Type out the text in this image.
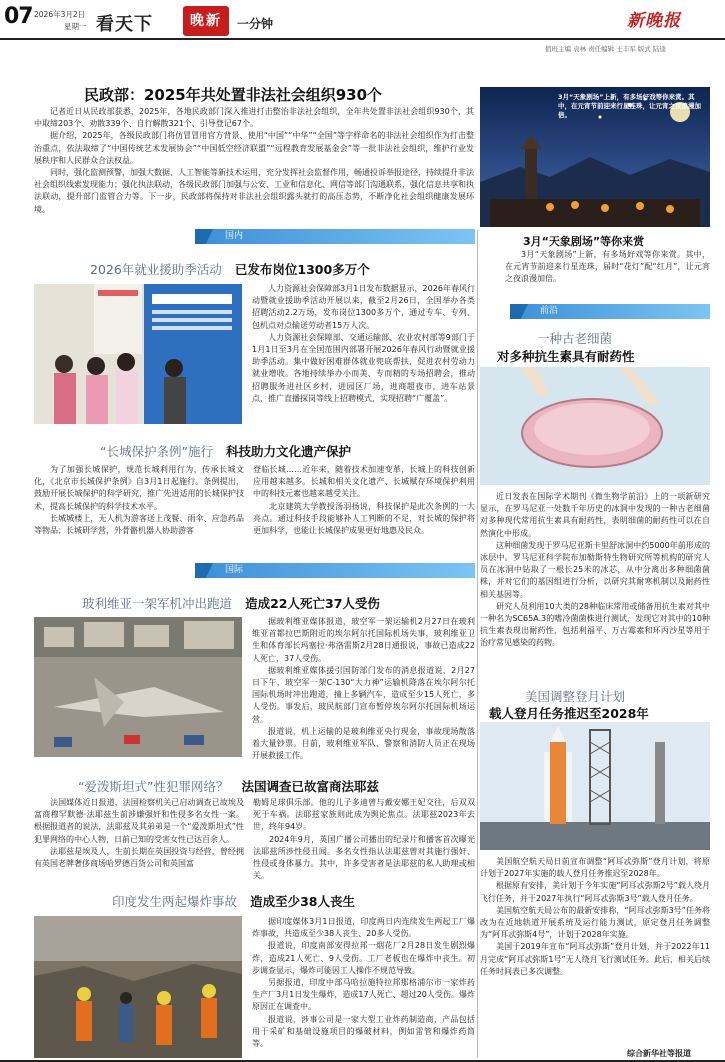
07 2026年3月2日
星期一 看天下	晚新	一分钟	新晚报
值班主编 袁林 责任编辑 王丰军 版式 陆逵
民政部：2025年共处置非法社会组织930个

记者近日从民政部获悉，2025年，各地民政部门深入推进打击整治非法社会组织，全年共处置非法社会组织930个，其中取缔203个、劝散339个、自行解散321个、引导登记67个。

据介绍，2025年，各级民政部门将仿冒冒用官方背景、使用“中国”“中华”“全国”等字样命名的非法社会组织作为打击整治重点，依法取缔了“中国传统艺术发展协会”“中国低空经济联盟”“远程教育发展基金会”等一批非法社会组织，维护行业发展秩序和人民群众合法权益。

同时，强化监测预警，加强大数据、人工智能等新技术运用，充分发挥社会监督作用，畅通投诉举报途径，持续提升非法社会组织线索发现能力；强化执法联动，各级民政部门加强与公安、工业和信息化、网信等部门沟通联系，强化信息共享和执法联动，提升部门监管合力等。下一步，民政部将保持对非法社会组织露头就打的高压态势，不断净化社会组织健康发展环境。

3月“天象剧场”上新，有多场好戏等你来赏。其中，在元宵节前迎来行星连珠，让元宵之夜浪漫加倍。
3月“天象剧场”等你来赏

3月“天象剧场”上新，有多场好戏等你来赏。其中，在元宵节前迎来行星连珠，届时“花灯”配“红月”，让元宵之夜浪漫加倍。

国内
2026年就业援助季活动 已发布岗位1300多万个

人力资源社会保障部3月1日发布数据显示，2026年春风行动暨就业援助季活动开展以来，截至2月26日，全国举办各类招聘活动2.2万场，发布岗位1300多万个，通过专车、专列、包机点对点输送劳动者15万人次。

人力资源社会保障部、交通运输部、农业农村部等9部门于1月1日至3月在全国范围内部署开展2026年春风行动暨就业援助季活动。集中做好困难群体就业兜底帮扶，促进农村劳动力就业增收。各地持续举办小而美、专而精的专场招聘会，推动招聘服务进社区乡村，进园区厂场，进商超夜市，进车站景点，推广直播探岗等线上招聘模式，实现招聘“广覆盖”。

“长城保护条例”施行 科技助力文化遗产保护

为了加强长城保护，规范长城利用行为，传承长城文化，《北京市长城保护条例》自3月1日起施行。条例提出，鼓励开展长城保护的科学研究，推广先进适用的长城保护技术，提高长城保护的科学技术水平。

长城城楼上，无人机为游客送上茂餐、雨伞、应急药品等物品；长城研学营，外骨骼机器人协助游客

登临长城……近年来，随着技术加速变革，长城上的科技创新应用越来越多。长城和相关文化遗产、长城赋存环境保护利用中的科技元素也越来越受关注。

北京建筑大学教授汤羽扬说，科技保护是此次条例的一大亮点。通过科技手段能够补人工判断的不足，对长城的保护将更加科学，也能让长城保护成果更好地惠及民众。

国际
玻利维亚一架军机冲出跑道 造成22人死亡37人受伤

据玻利维亚媒体报道，玻空军一架运输机2月27日在玻利维亚首都拉巴斯附近的埃尔阿尔托国际机场失事，玻利维亚卫生和体育部长玛塞拉·弗洛雷斯2月28日通报说，事故已造成22人死亡，37人受伤。

据玻利维亚媒体援引国防部门发布的消息报道说，2月27日下午，玻空军一架C-130“大力神”运输机降落在埃尔阿尔托国际机场时冲出跑道，撞上多辆汽车，造成至少15人死亡，多人受伤。事发后，玻民航部门宣布暂停埃尔阿尔托国际机场运营。

报道说，机上运输的是玻利维亚央行现金，事故现场散落着大量钞票。目前，玻利维亚军队、警察和消防人员正在现场开展救援工作。

“爱泼斯坦式”性犯罪网络？ 法国调查已故富商法耶兹

法国媒体近日报道，法国检察机关已启动调查已故埃及富商穆罕默德·法耶兹生前涉嫌强奸和性侵多名女性一案。根据报道者的说法，法耶兹及其弟弟是一个“爱泼斯坦式”性犯罪网络的中心人物，日前已知的受害女性已达百余人。

法耶兹是埃及人，生前长期在英国投资与经营，曾经拥有英国老牌奢侈商场哈罗德百货公司和英国富

勒姆足球俱乐部。他的儿子多迪曾与戴安娜王妃交往，后双双死于车祸。法耶兹家族则此成为舆论焦点。法耶兹2023年去世，终年94岁。

2024年9月，英国广播公司播出的纪录片和播客首次曝光法耶兹所涉性侵丑闻。多名女性指认法耶兹曾对其施行强奸、性侵或身体暴力。其中，许多受害者是法耶兹的私人助理或相关。

印度发生两起爆炸事故 造成至少38人丧生

据印度媒体3月1日报道，印度两日内连续发生两起工厂爆炸事故，共造成至少38人丧生、20多人受伤。

报道说，印度南部安得拉邦一烟花厂2月28日发生剧烈爆炸，造成21人死亡、9人受伤。工厂老板也在爆炸中丧生。初步调查显示，爆炸可能因工人操作不规范导致。

另据报道，印度中部马哈拉施特拉邦那格浦尔市一家炸药生产厂3月1日发生爆炸，造成17人死亡、超过20人受伤。爆炸原因正在调查中。

报道说，涉事公司是一家大型工业炸药制造商，产品包括用于采矿和基础设施项目的爆破材料，例如雷管和爆炸药筒等。

前沿
一种古老细菌
对多种抗生素具有耐药性

近日发表在国际学术期刊《微生物学前沿》上的一项新研究显示，在罗马尼亚一处数千年历史的冰洞中发现的一种古老细菌对多种现代常用抗生素具有耐药性，表明细菌的耐药性可以在自然演化中形成。

这种细菌发现于罗马尼亚斯卡里舒冰洞中约5000年前形成的冰层中。罗马尼亚科学院布加勒斯特生物研究所等机构的研究人员在冰洞中钻取了一根长25米的冰芯，从中分离出多种细菌菌株，并对它们的基因组进行分析，以研究其耐寒机制以及耐药性相关基因等。

研究人员利用10大类的28种临床常用或储备用抗生素对其中一种名为SC65A.3的嗜冷菌菌株进行测试，发现它对其中的10种抗生素表现出耐药性，包括利福平、万古霉素和环丙沙星等用于治疗常见感染的药物。

美国调整登月计划
载人登月任务推迟至2028年

美国航空航天局日前宣布调整“阿耳忒弥斯”登月计划，将原计划于2027年实施的载人登月任务推迟至2028年。

根据原有安排，美计划于今年实施“阿耳忒弥斯2号”载人绕月飞行任务，并于2027年执行“阿耳忒弥斯3号”载人登月任务。

美国航空航天局公布的最新安排称，“阿耳忒弥斯3号”任务将改为在近地轨道开展系统及运行能力测试，原定登月任务调整为“阿耳忒弥斯4号”，计划于2028年实施。

美国于2019年宣布“阿耳忒弥斯”登月计划，并于2022年11月完成“阿耳忒弥斯1号”无人绕月飞行测试任务。此后，相关后续任务时间表已多次调整。

综合新华社等报道
